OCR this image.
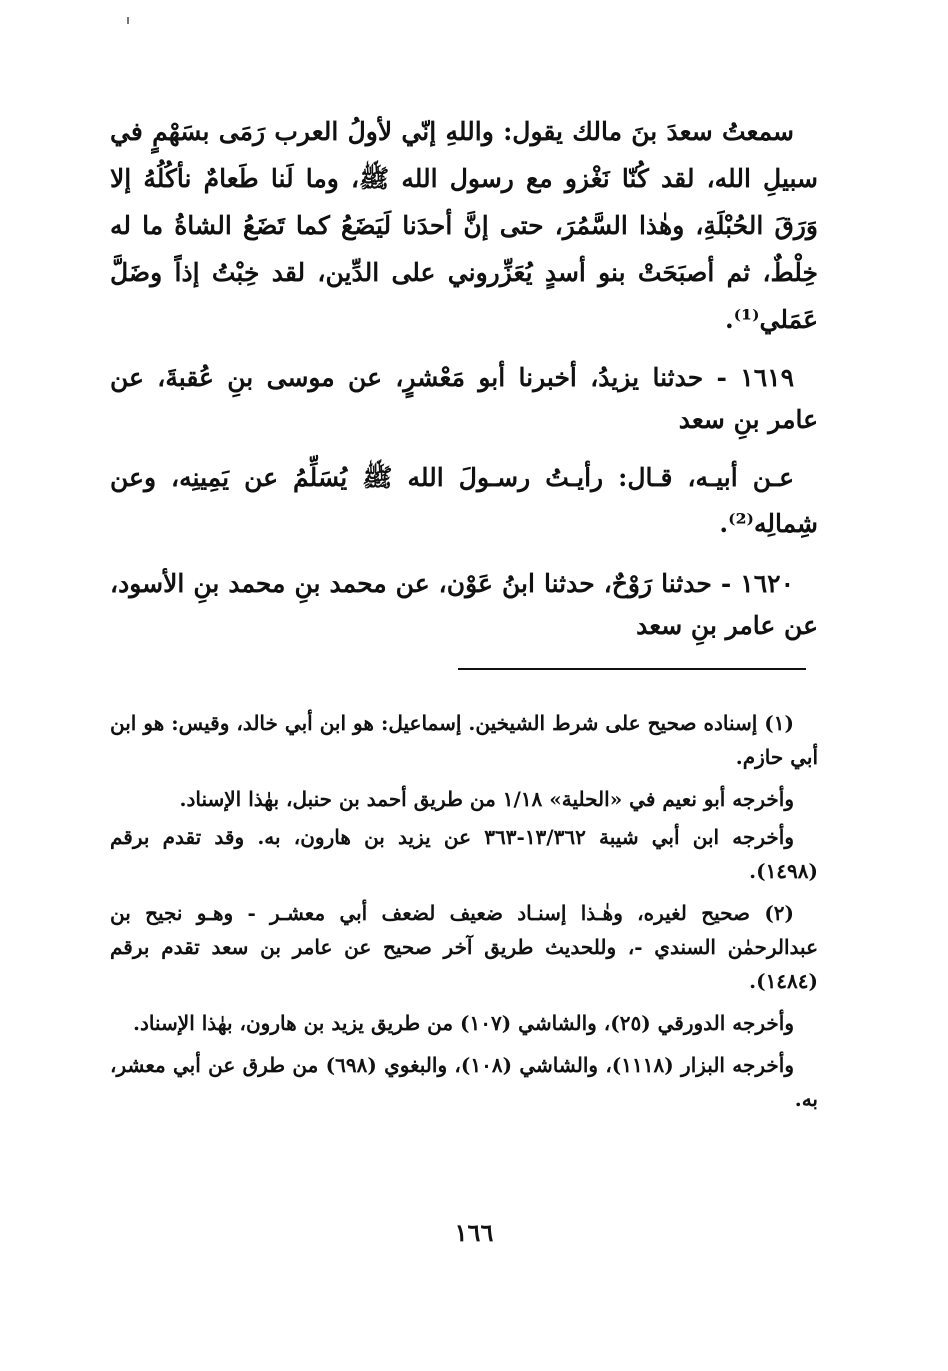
سمعتُ سعدَ بنَ مالك يقول: واللهِ إنّي لأولُ العرب رَمَى بسَهْمٍ في سبيلِ الله، لقد كُنّا نَغْزو مع رسول الله ﷺ، وما لَنا طَعامٌ نأكُلُهُ إلا وَرَقَ الحُبْلَةِ، وهٰذا السَّمُرَ، حتى إنَّ أحدَنا لَيَضَعُ كما تَضَعُ الشاةُ ما له خِلْطٌ، ثم أصبَحَتْ بنو أسدٍ يُعَزِّروني على الدِّين، لقد خِبْتُ إذاً وضَلَّ عَمَلي⁽¹⁾.

١٦١٩ - حدثنا يزيدُ، أخبرنا أبو مَعْشرٍ، عن موسى بنِ عُقبةَ، عن عامر بنِ سعد

عـن أبيـه، قـال: رأيـتُ رسـولَ الله ﷺ يُسَلِّمُ عن يَمِينِه، وعن شِمالِه⁽²⁾.

١٦٢٠ - حدثنا رَوْحٌ، حدثنا ابنُ عَوْن، عن محمد بنِ محمد بنِ الأسود، عن عامر بنِ سعد

(١) إسناده صحيح على شرط الشيخين. إسماعيل: هو ابن أبي خالد، وقيس: هو ابن أبي حازم.

وأخرجه أبو نعيم في «الحلية» ١/١٨ من طريق أحمد بن حنبل، بهٰذا الإسناد.

وأخرجه ابن أبي شيبة ١٣/٣٦٢-٣٦٣ عن يزيد بن هارون، به. وقد تقدم برقم (١٤٩٨).

(٢) صحيح لغيره، وهٰـذا إسنـاد ضعيف لضعف أبي معشـر - وهـو نجيح بن عبدالرحمٰن السندي -، وللحديث طريق آخر صحيح عن عامر بن سعد تقدم برقم (١٤٨٤).

وأخرجه الدورقي (٢٥)، والشاشي (١٠٧) من طريق يزيد بن هارون، بهٰذا الإسناد.

وأخرجه البزار (١١١٨)، والشاشي (١٠٨)، والبغوي (٦٩٨) من طرق عن أبي معشر، به.

١٦٦
